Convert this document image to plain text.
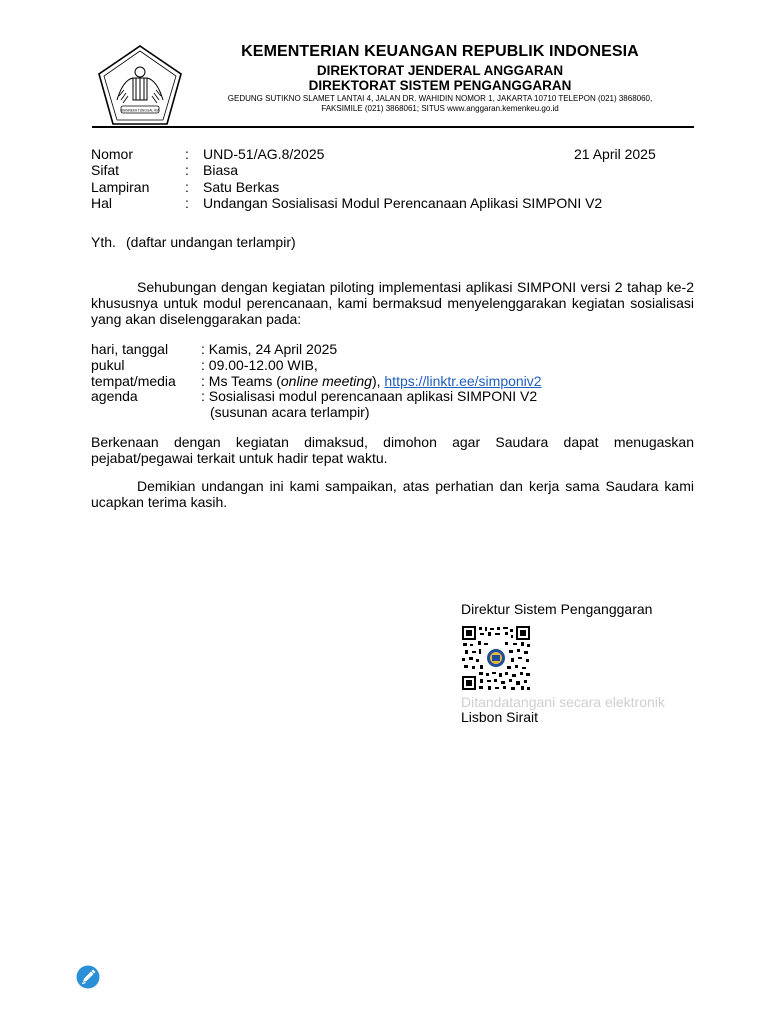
BHINNEKA TUNGGAL IKA
KEMENTERIAN KEUANGAN REPUBLIK INDONESIA
DIREKTORAT JENDERAL ANGGARAN
DIREKTORAT SISTEM PENGANGGARAN
GEDUNG SUTIKNO SLAMET LANTAI 4, JALAN DR. WAHIDIN NOMOR 1, JAKARTA 10710 TELEPON (021) 3868060,
FAKSIMILE (021) 3868061; SITUS www.anggaran.kemenkeu.go.id
21 April 2025
Nomor	: UND-51/AG.8/2025
Sifat	: Biasa
Lampiran	: Satu Berkas
Hal	: Undangan Sosialisasi Modul Perencanaan Aplikasi SIMPONI V2
Yth. (daftar undangan terlampir)
Sehubungan dengan kegiatan piloting implementasi aplikasi SIMPONI versi 2 tahap ke-2
khususnya untuk modul perencanaan, kami bermaksud menyelenggarakan kegiatan sosialisasi
yang akan diselenggarakan pada:
hari, tanggal : Kamis, 24 April 2025
pukul	: 09.00-12.00 WIB,
tempat/media : Ms Teams (online meeting), https://linktr.ee/simponiv2
agenda	: Sosialisasi modul perencanaan aplikasi SIMPONI V2
(susunan acara terlampir)
Berkenaan dengan kegiatan dimaksud, dimohon agar Saudara dapat menugaskan
pejabat/pegawai terkait untuk hadir tepat waktu.
Demikian undangan ini kami sampaikan, atas perhatian dan kerja sama Saudara kami
ucapkan terima kasih.
Direktur Sistem Penganggaran
Ditandatangani secara elektronik
Lisbon Sirait
